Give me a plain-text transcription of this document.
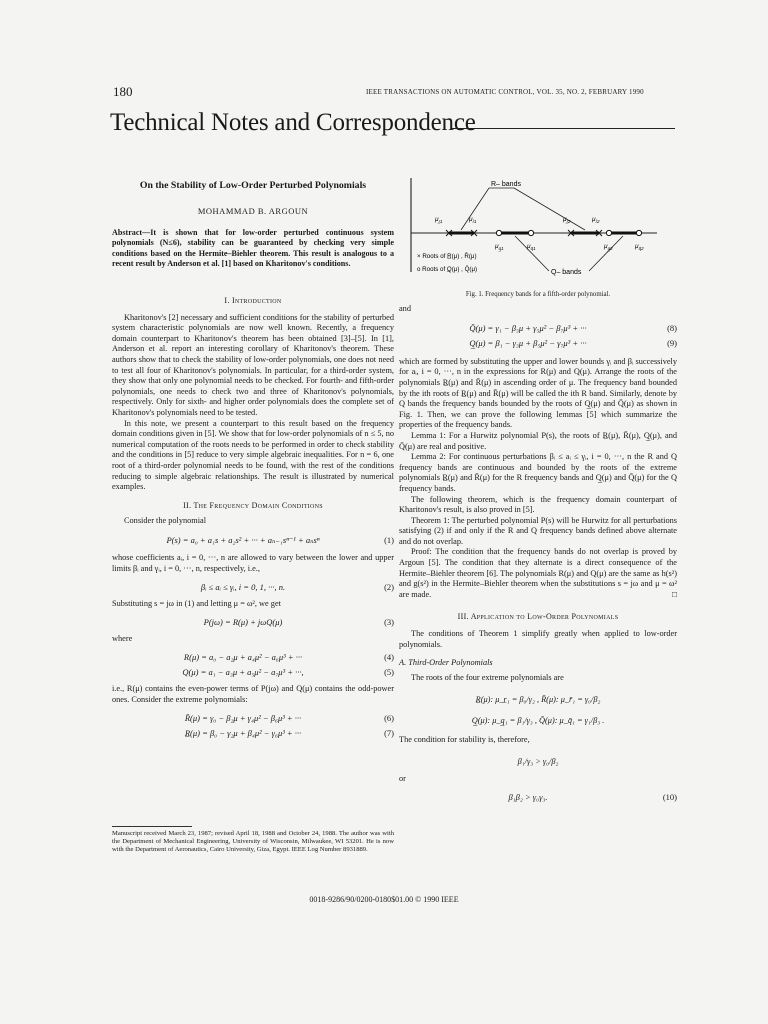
180	IEEE TRANSACTIONS ON AUTOMATIC CONTROL, VOL. 35, NO. 2, FEBRUARY 1990
Technical Notes and Correspondence
On the Stability of Low-Order Perturbed Polynomials
MOHAMMAD B. ARGOUN
Abstract—It is shown that for low-order perturbed continuous system polynomials (N≤6), stability can be guaranteed by checking very simple conditions based on the Hermite–Biehler theorem. This result is analogous to a recent result by Anderson et al. [1] based on Kharitonov's conditions.
I. Introduction

Kharitonov's [2] necessary and sufficient conditions for the stability of perturbed system characteristic polynomials are now well known. Recently, a frequency domain counterpart to Kharitonov's theorem has been obtained [3]–[5]. In [1], Anderson et al. report an interesting corollary of Kharitonov's theorem. These authors show that to check the stability of low-order polynomials, one does not need to test all four of Kharitonov's polynomials. In particular, for a third-order system, they show that only one polynomial needs to be checked. For fourth- and fifth-order polynomials, one needs to check two and three of Kharitonov's polynomials, respectively. Only for sixth- and higher order polynomials does the complete set of Kharitonov's polynomials need to be tested.

In this note, we present a counterpart to this result based on the frequency domain conditions given in [5]. We show that for low-order polynomials of n ≤ 5, no numerical computation of the roots needs to be performed in order to check stability and the conditions in [5] reduce to very simple algebraic inequalities. For n = 6, one root of a third-order polynomial needs to be found, with the rest of the conditions reducing to simple algebraic relationships. The result is illustrated by numerical examples.

II. The Frequency Domain Conditions

Consider the polynomial

P(s) = a₀ + a₁s + a₂s² + ··· + aₙ₋₁sⁿ⁻¹ + aₙsⁿ	(1)

whose coefficients aᵢ, i = 0, ···, n are allowed to vary between the lower and upper limits βᵢ and γᵢ, i = 0, ···, n, respectively, i.e.,

βᵢ ≤ aᵢ ≤ γᵢ, i = 0, 1, ···, n.	(2)

Substituting s = jω in (1) and letting μ = ω², we get

P(jω) = R(μ) + jωQ(μ)	(3)

where

R(μ) = a₀ − a₂μ + a₄μ² − a₆μ³ + ···	(4)
Q(μ) = a₁ − a₃μ + a₅μ² − a₇μ³ + ···,	(5)

i.e., R(μ) contains the even-power terms of P(jω) and Q(μ) contains the odd-power ones. Consider the extreme polynomials:

R̄(μ) = γ₀ − β₂μ + γ₄μ² − β₆μ³ + ···	(6)
R̲(μ) = β₀ − γ₂μ + β₄μ² − γ₆μ³ + ···	(7)
Manuscript received March 23, 1987; revised April 18, 1988 and October 24, 1988. The author was with the Department of Mechanical Engineering, University of Wisconsin, Milwaukee, WI 53201. He is now with the Department of Aeronautics, Cairo University, Giza, Egypt. IEEE Log Number 8931889.
R– bands
Q– bands
$\mu_{r̲1}$	$\mu_{r̄1}$
$\mu_{q̲1}$	$\mu_{q̄1}$
$\mu_{r̲2}$	$\mu_{r̄2}$
$\mu_{q̲2}$	$\mu_{q̄2}$
× Roots of R̲(μ) , R̄(μ)
o Roots of Q̲(μ) , Q̄(μ)
Fig. 1. Frequency bands for a fifth-order polynomial.

and

Q̄(μ) = γ₁ − β₃μ + γ₅μ² − β₇μ³ + ···	(8)
Q̲(μ) = β₁ − γ₃μ + β₅μ² − γ₇μ³ + ···	(9)

which are formed by substituting the upper and lower bounds γᵢ and βᵢ successively for aᵢ, i = 0, ···, n in the expressions for R(μ) and Q(μ). Arrange the roots of the polynomials R̲(μ) and R̄(μ) in ascending order of μ. The frequency band bounded by the ith roots of R̲(μ) and R̄(μ) will be called the ith R band. Similarly, denote by Q bands the frequency bands bounded by the roots of Q̲(μ) and Q̄(μ) as shown in Fig. 1. Then, we can prove the following lemmas [5] which summarize the properties of the frequency bands.

Lemma 1: For a Hurwitz polynomial P(s), the roots of R̲(μ), R̄(μ), Q̲(μ), and Q̄(μ) are real and positive.

Lemma 2: For continuous perturbations βᵢ ≤ aᵢ ≤ γᵢ, i = 0, ···, n the R and Q frequency bands are continuous and bounded by the roots of the extreme polynomials R̲(μ) and R̄(μ) for the R frequency bands and Q̲(μ) and Q̄(μ) for the Q frequency bands.

The following theorem, which is the frequency domain counterpart of Kharitonov's result, is also proved in [5].

Theorem 1: The perturbed polynomial P(s) will be Hurwitz for all perturbations satisfying (2) if and only if the R and Q frequency bands defined above alternate and do not overlap.

Proof: The condition that the frequency bands do not overlap is proved by Argoun [5]. The condition that they alternate is a direct consequence of the Hermite–Biehler theorem [6]. The polynomials R(μ) and Q(μ) are the same as h(s²) and g(s²) in the Hermite–Biehler theorem when the substitutions s = jω and μ = ω² are made.	□

III. Application to Low-Order Polynomials

The conditions of Theorem 1 simplify greatly when applied to low-order polynomials.

A. Third-Order Polynomials

The roots of the four extreme polynomials are

R̲(μ): μ_r̲₁ = β₀/γ₂ , R̄(μ): μ_r̄₁ = γ₀/β₂
Q̲(μ): μ_q̲₁ = β₁/γ₃ , Q̄(μ): μ_q̄₁ = γ₁/β₃ .

The condition for stability is, therefore,

β₁/γ₃ > γ₀/β₂

or

β₁β₂ > γ₀γ₃.	(10)
0018-9286/90/0200-0180$01.00 © 1990 IEEE
